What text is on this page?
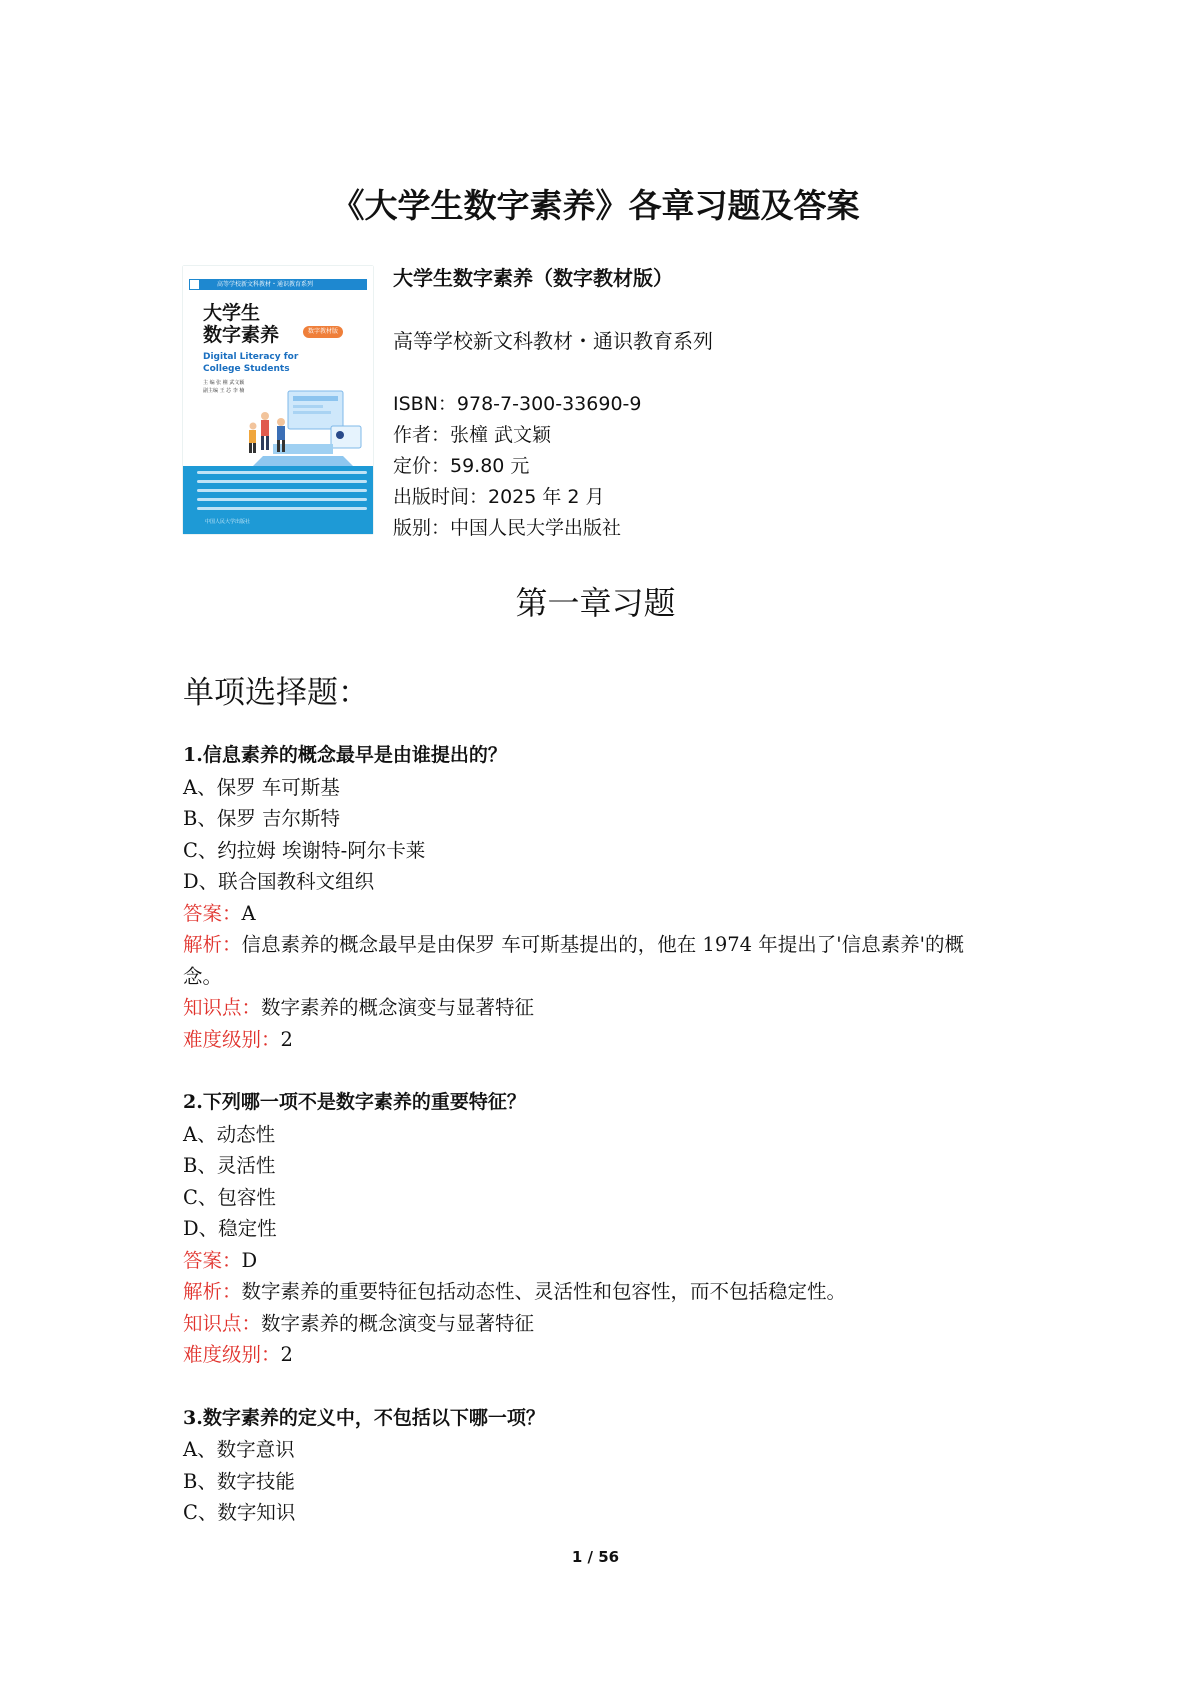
《大学生数字素养》各章习题及答案
高等学校新文科教材・通识教育系列
大学生
数字素养	数字教材版
Digital Literacy for
College Students
主 编 张 橦 武文颖
副主编 王 芯 李 楠
中国人民大学出版社
大学生数字素养（数字教材版）
高等学校新文科教材・通识教育系列
ISBN：978-7-300-33690-9
作者：张橦 武文颖
定价：59.80 元
出版时间：2025 年 2 月
版别：中国人民大学出版社
第一章习题
单项选择题：
1.信息素养的概念最早是由谁提出的？
A、保罗 车可斯基
B、保罗 吉尔斯特
C、约拉姆 埃谢特-阿尔卡莱
D、联合国教科文组织
答案：A
解析：信息素养的概念最早是由保罗 车可斯基提出的，他在 1974 年提出了'信息素养'的概
念。
知识点：数字素养的概念演变与显著特征
难度级别：2
2.下列哪一项不是数字素养的重要特征？
A、动态性
B、灵活性
C、包容性
D、稳定性
答案：D
解析：数字素养的重要特征包括动态性、灵活性和包容性，而不包括稳定性。
知识点：数字素养的概念演变与显著特征
难度级别：2
3.数字素养的定义中，不包括以下哪一项？
A、数字意识
B、数字技能
C、数字知识
1 / 56
